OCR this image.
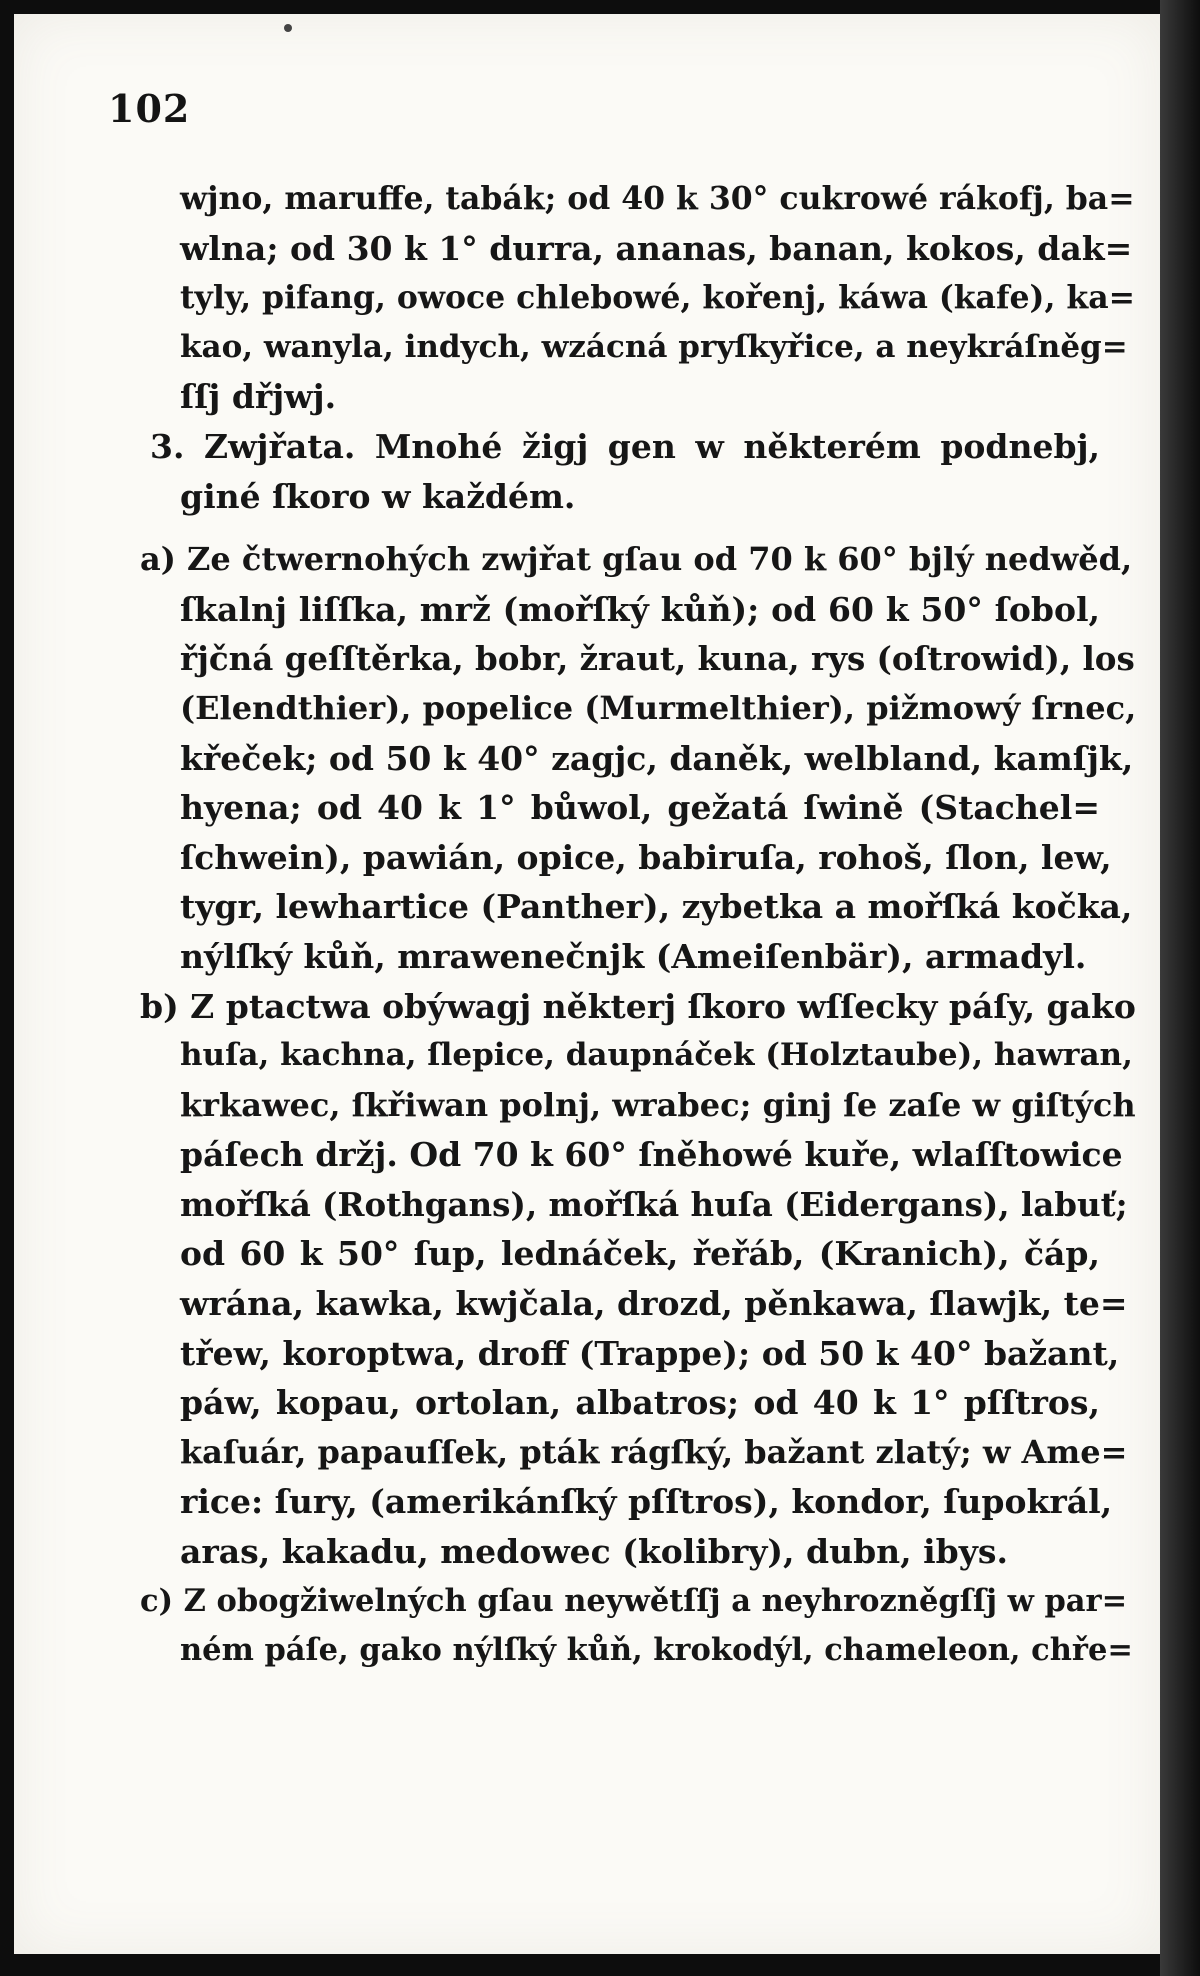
102
wjno, maruffe, tabák; od 40 k 30° cukrowé rákofj, ba=
wlna; od 30 k 1° durra, ananas, banan, kokos, dak=
tyly, pifang, owoce chlebowé, kořenj, káwa (kafe), ka=
kao, wanyla, indych, wzácná pryſkyřice, a neykráſněg=
ſſj dřjwj.
3. Zwjřata. Mnohé žigj gen w některém podnebj,
giné ſkoro w každém.
a) Ze čtwernohých zwjřat gſau od 70 k 60° bjlý nedwěd,
ſkalnj liſſka, mrž (mořſký kůň); od 60 k 50° ſobol,
řjčná geſſtěrka, bobr, žraut, kuna, rys (oſtrowid), los
(Elendthier), popelice (Murmelthier), pižmowý ſrnec,
křeček; od 50 k 40° zagjc, daněk, welbland, kamſjk,
hyena; od 40 k 1° bůwol, gežatá ſwině (Stachel=
ſchwein), pawián, opice, babiruſa, rohoš, ſlon, lew,
tygr, lewhartice (Panther), zybetka a mořſká kočka,
nýlſký kůň, mrawenečnjk (Ameiſenbär), armadyl.
b) Z ptactwa obýwagj některj ſkoro wſſecky páſy, gako
huſa, kachna, ſlepice, daupnáček (Holztaube), hawran,
krkawec, ſkřiwan polnj, wrabec; ginj ſe zaſe w giſtých
páſech držj. Od 70 k 60° ſněhowé kuře, wlaſſtowice
mořſká (Rothgans), mořſká huſa (Eidergans), labuť;
od 60 k 50° ſup, lednáček, řeřáb, (Kranich), čáp,
wrána, kawka, kwjčala, drozd, pěnkawa, ſlawjk, te=
třew, koroptwa, droff (Trappe); od 50 k 40° bažant,
páw, kopau, ortolan, albatros; od 40 k 1° pſſtros,
kaſuár, papauſſek, pták rágſký, bažant zlatý; w Ame=
rice: ſury, (amerikánſký pſſtros), kondor, ſupokrál,
aras, kakadu, medowec (kolibry), dubn, ibys.
c) Z obogžiwelných gſau neywětſſj a neyhrozněgſſj w par=
ném páſe, gako nýlſký kůň, krokodýl, chameleon, chře=
